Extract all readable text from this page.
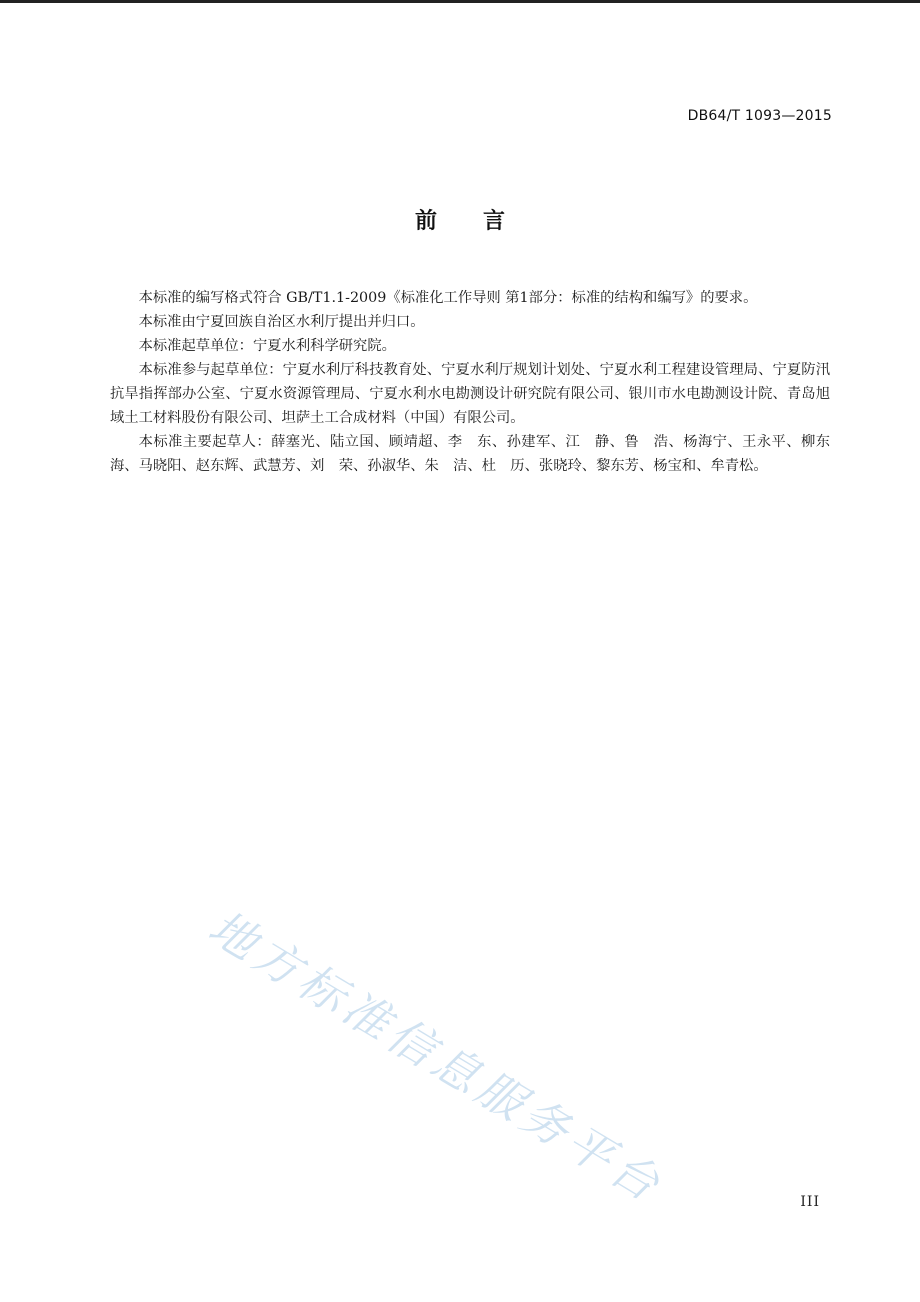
DB64/T 1093—2015
前言

本标准的编写格式符合 GB/T1.1-2009《标准化工作导则 第1部分：标准的结构和编写》的要求。

本标准由宁夏回族自治区水利厅提出并归口。

本标准起草单位：宁夏水利科学研究院。

本标准参与起草单位：宁夏水利厅科技教育处、宁夏水利厅规划计划处、宁夏水利工程建设管理局、宁夏防汛抗旱指挥部办公室、宁夏水资源管理局、宁夏水利水电勘测设计研究院有限公司、银川市水电勘测设计院、青岛旭域土工材料股份有限公司、坦萨土工合成材料（中国）有限公司。

本标准主要起草人：薛塞光、陆立国、顾靖超、李　东、孙建军、江　静、鲁　浩、杨海宁、王永平、柳东海、马晓阳、赵东辉、武慧芳、刘　荣、孙淑华、朱　洁、杜　历、张晓玲、黎东芳、杨宝和、牟青松。

地方标准信息服务平台	III
